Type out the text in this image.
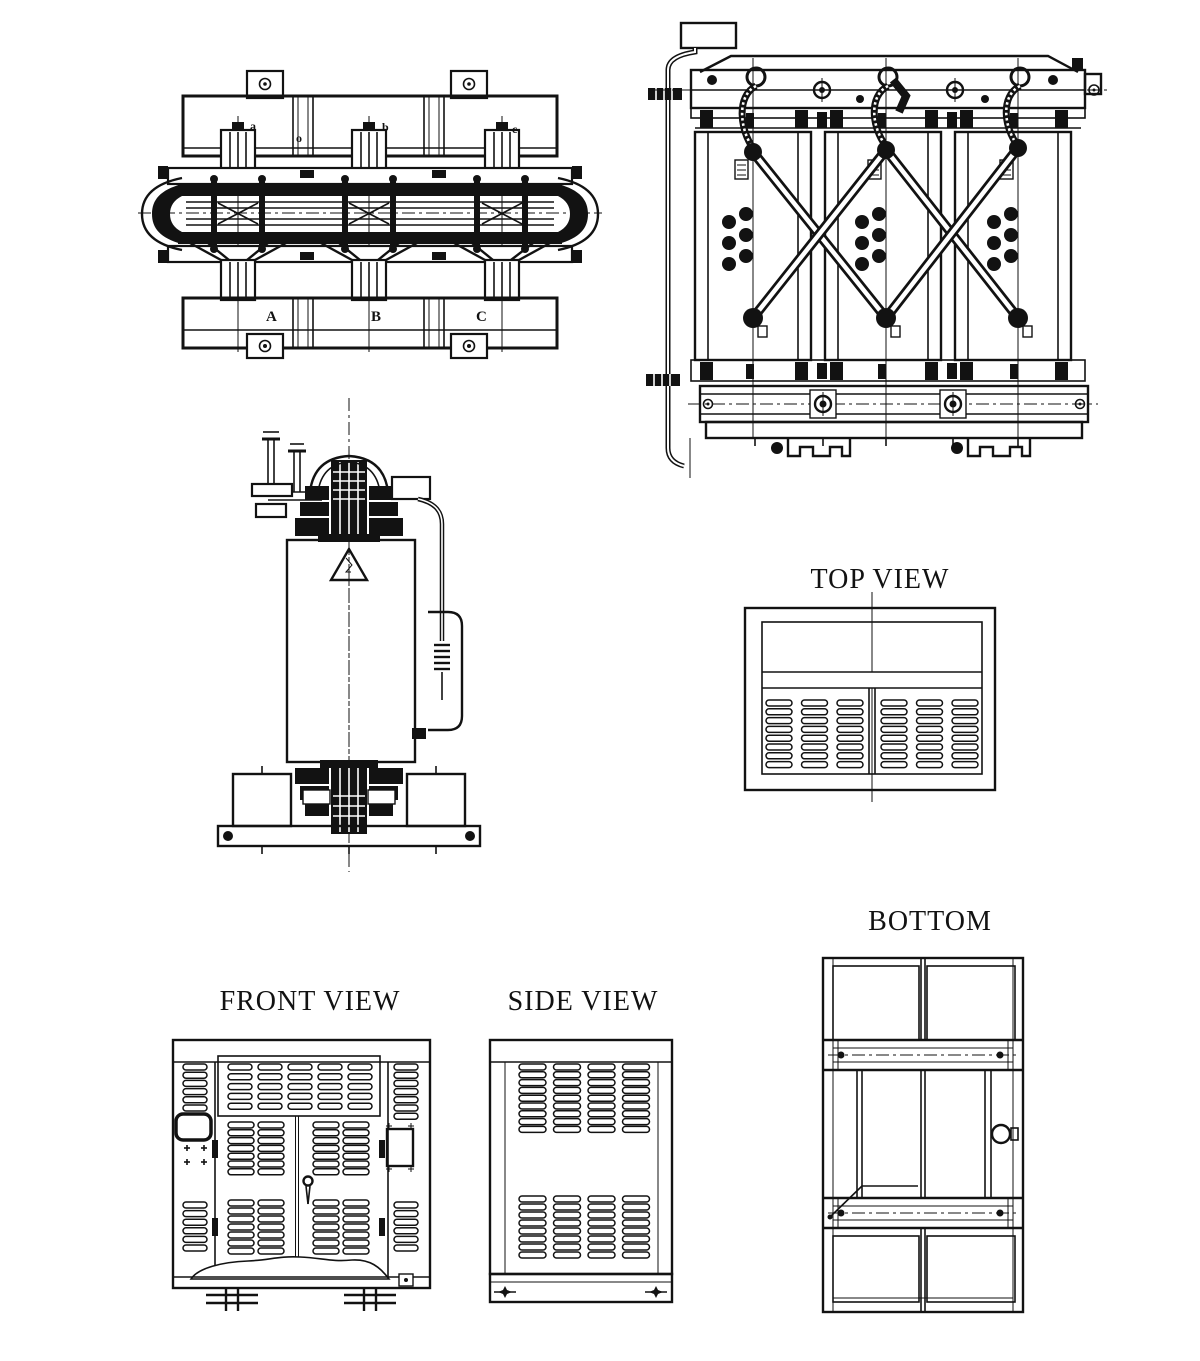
a
o
b	c
A	B	C
TOP VIEW
BOTTOM
FRONT VIEW	SIDE VIEW
